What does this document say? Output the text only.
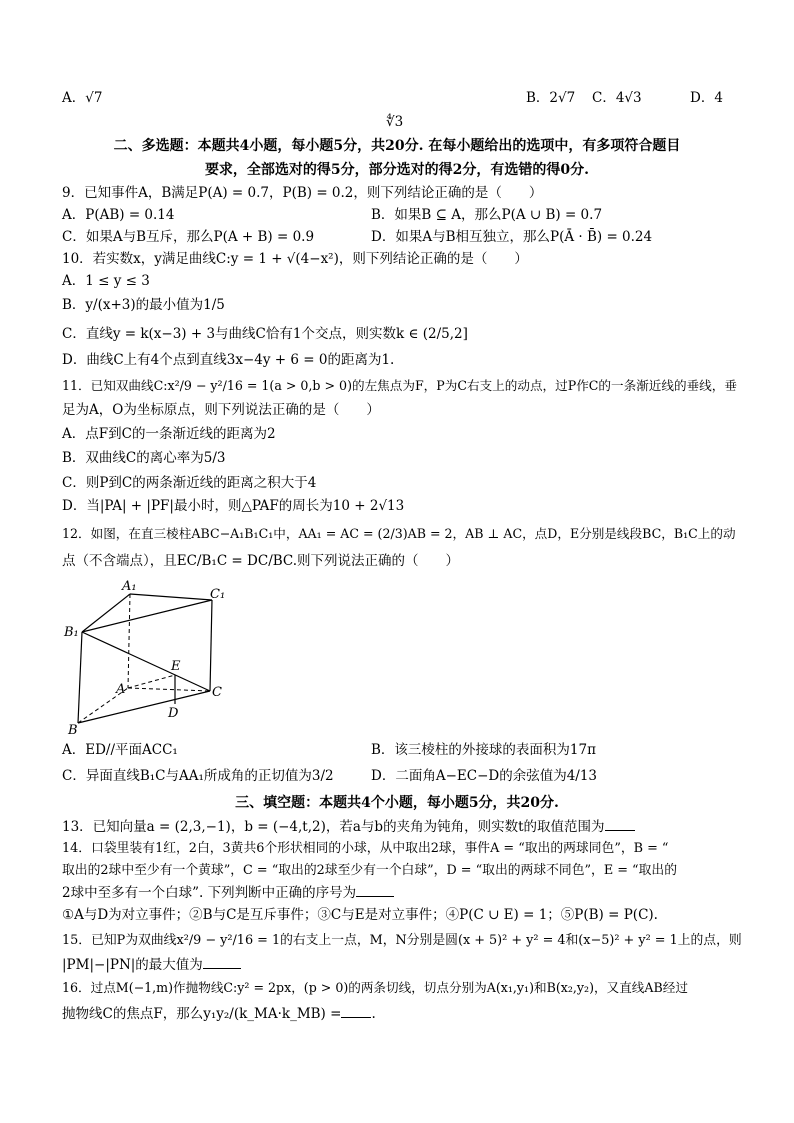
A．√7	B．2√7 C．4√3	D．4
∜3
二、多选题：本题共4小题，每小题5分，共20分. 在每小题给出的选项中，有多项符合题目
要求，全部选对的得5分，部分选对的得2分，有选错的得0分.
9．已知事件A，B满足P(A) = 0.7，P(B) = 0.2，则下列结论正确的是（　　）
A．P(AB) = 0.14	B．如果B ⊆ A，那么P(A ∪ B) = 0.7
C．如果A与B互斥，那么P(A + B) = 0.9	D．如果A与B相互独立，那么P(Ā · B̄) = 0.24
10．若实数x，y满足曲线C:y = 1 + √(4−x²)，则下列结论正确的是（　　）
A．1 ≤ y ≤ 3
B．y/(x+3)的最小值为1/5
C．直线y = k(x−3) + 3与曲线C恰有1个交点，则实数k ∈ (2/5,2]
D．曲线C上有4个点到直线3x−4y + 6 = 0的距离为1.
11．已知双曲线C:x²/9 − y²/16 = 1(a > 0,b > 0)的左焦点为F，P为C右支上的动点，过P作C的一条渐近线的垂线，垂
足为A，O为坐标原点，则下列说法正确的是（　　）
A．点F到C的一条渐近线的距离为2
B．双曲线C的离心率为5/3
C．则P到C的两条渐近线的距离之积大于4
D．当|PA| + |PF|最小时，则△PAF的周长为10 + 2√13
12．如图，在直三棱柱ABC−A₁B₁C₁中，AA₁ = AC = (2/3)AB = 2，AB ⊥ AC，点D，E分别是线段BC，B₁C上的动
点（不含端点），且EC/B₁C = DC/BC.则下列说法正确的（　　）
A₁
C₁
B₁
E
A	C
D
B
A．ED//平面ACC₁	B．该三棱柱的外接球的表面积为17π
C．异面直线B₁C与AA₁所成角的正切值为3/2	D．二面角A−EC−D的余弦值为4/13
三、填空题：本题共4个小题，每小题5分，共20分.
13．已知向量a = (2,3,−1)，b = (−4,t,2)，若a与b的夹角为钝角，则实数t的取值范围为
14．口袋里装有1红，2白，3黄共6个形状相同的小球，从中取出2球，事件A = “取出的两球同色”，B = “
取出的2球中至少有一个黄球”，C = “取出的2球至少有一个白球”，D = “取出的两球不同色”，E = “取出的
2球中至多有一个白球”. 下列判断中正确的序号为
①A与D为对立事件；②B与C是互斥事件；③C与E是对立事件；④P(C ∪ E) = 1；⑤P(B) = P(C).
15．已知P为双曲线x²/9 − y²/16 = 1的右支上一点，M，N分别是圆(x + 5)² + y² = 4和(x−5)² + y² = 1上的点，则
|PM|−|PN|的最大值为
16．过点M(−1,m)作抛物线C:y² = 2px，(p > 0)的两条切线，切点分别为A(x₁,y₁)和B(x₂,y₂)，又直线AB经过
抛物线C的焦点F，那么y₁y₂/(k_MA·k_MB) = .
